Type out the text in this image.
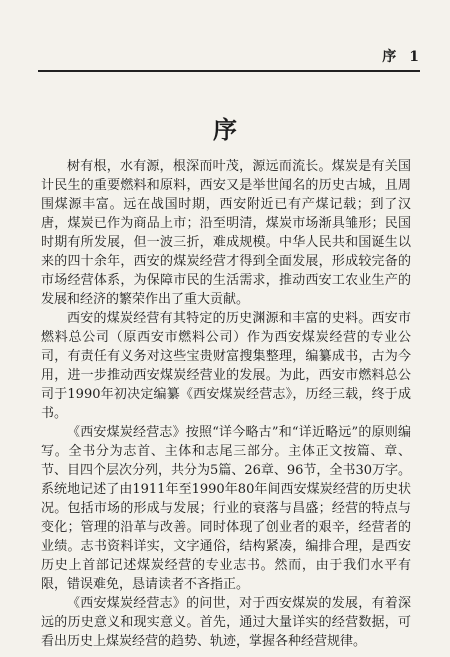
序 1
序

树有根，水有源，根深而叶茂，源远而流长。煤炭是有关国计民生的重要燃料和原料，西安又是举世闻名的历史古城，且周围煤源丰富。远在战国时期，西安附近已有产煤记载；到了汉唐，煤炭已作为商品上市；沿至明清，煤炭市场渐具雏形；民国时期有所发展，但一波三折，难成规模。中华人民共和国诞生以来的四十余年，西安的煤炭经营才得到全面发展，形成较完备的市场经营体系，为保障市民的生活需求，推动西安工农业生产的发展和经济的繁荣作出了重大贡献。

西安的煤炭经营有其特定的历史渊源和丰富的史料。西安市燃料总公司（原西安市燃料公司）作为西安煤炭经营的专业公司，有责任有义务对这些宝贵财富搜集整理，编纂成书，古为今用，进一步推动西安煤炭经营业的发展。为此，西安市燃料总公司于1990年初决定编纂《西安煤炭经营志》，历经三载，终于成书。

《西安煤炭经营志》按照“详今略古”和“详近略远”的原则编写。全书分为志首、主体和志尾三部分。主体正文按篇、章、节、目四个层次分列，共分为5篇、26章、96节，全书30万字。系统地记述了由1911年至1990年80年间西安煤炭经营的历史状况。包括市场的形成与发展；行业的衰落与昌盛；经营的特点与变化；管理的沿革与改善。同时体现了创业者的艰辛，经营者的业绩。志书资料详实，文字通俗，结构紧凑，编排合理，是西安历史上首部记述煤炭经营的专业志书。然而，由于我们水平有限，错误难免，恳请读者不吝指正。

《西安煤炭经营志》的问世，对于西安煤炭的发展，有着深远的历史意义和现实意义。首先，通过大量详实的经营数据，可看出历史上煤炭经营的趋势、轨迹，掌握各种经营规律。
